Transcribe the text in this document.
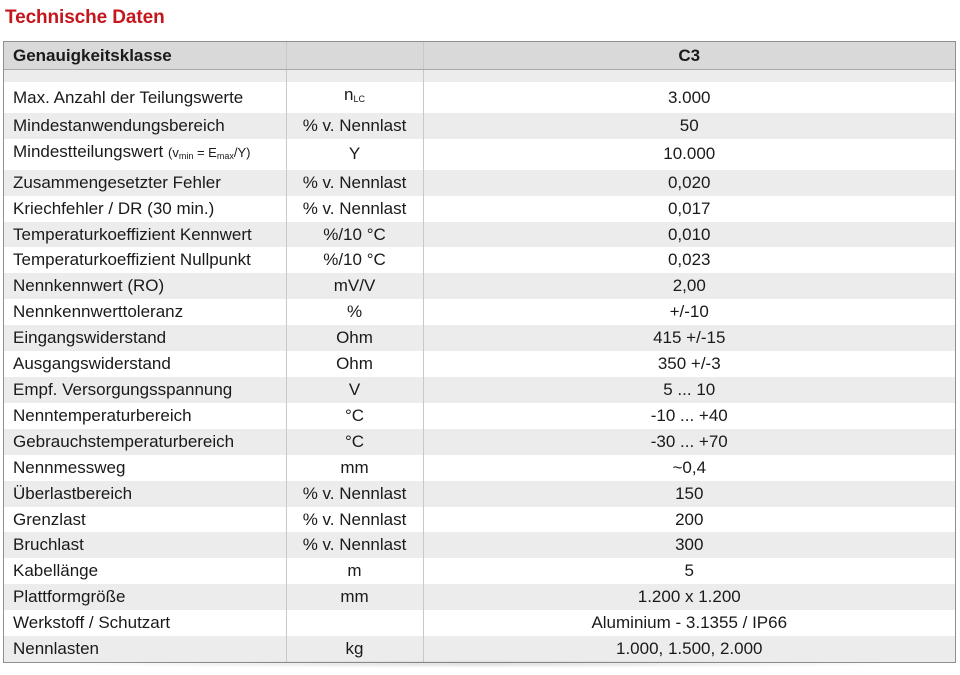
Technische Daten
Genauigkeitsklasse		C3

Max. Anzahl der Teilungswerte	$n_{LC}$	3.000
Mindestanwendungsbereich	% v. Nennlast	50
Mindestteilungswert $(v_{min} = E_{max}/Y)$	Y	10.000
Zusammengesetzter Fehler	% v. Nennlast	0,020
Kriechfehler / DR (30 min.)	% v. Nennlast	0,017
Temperaturkoeffizient Kennwert	%/10 °C	0,010
Temperaturkoeffizient Nullpunkt	%/10 °C	0,023
Nennkennwert (RO)	mV/V	2,00
Nennkennwerttoleranz	%	+/-10
Eingangswiderstand	Ohm	415 +/-15
Ausgangswiderstand	Ohm	350 +/-3
Empf. Versorgungsspannung	V	5 ... 10
Nenntemperaturbereich	°C	-10 ... +40
Gebrauchstemperaturbereich	°C	-30 ... +70
Nennmessweg	mm	~0,4
Überlastbereich	% v. Nennlast	150
Grenzlast	% v. Nennlast	200
Bruchlast	% v. Nennlast	300
Kabellänge	m	5
Plattformgröße	mm	1.200 x 1.200
Werkstoff / Schutzart		Aluminium - 3.1355 / IP66
Nennlasten	kg	1.000, 1.500, 2.000
